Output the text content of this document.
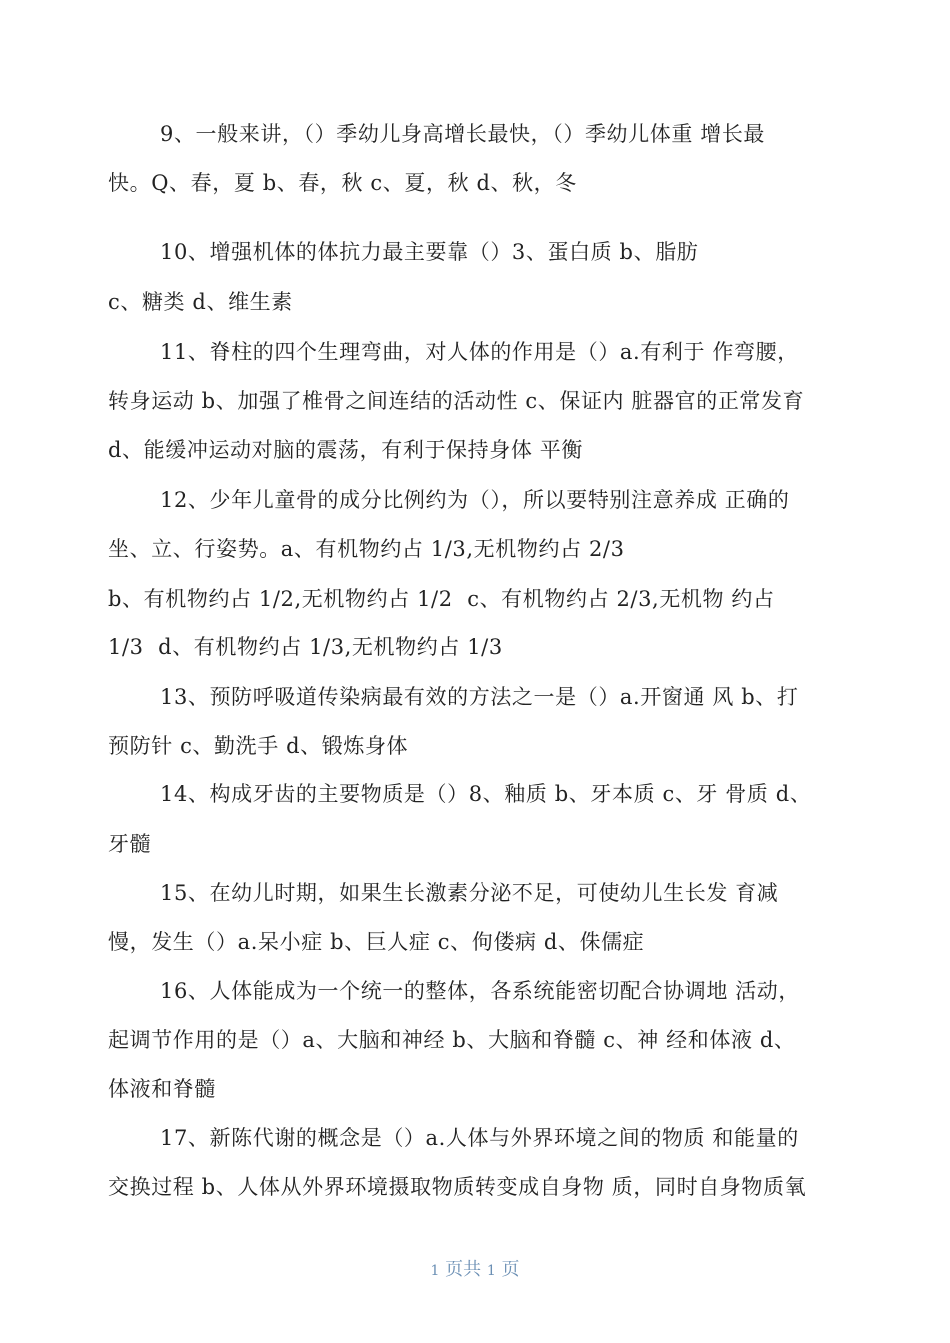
9、一般来讲，（）季幼儿身高增长最快，（）季幼儿体重 增长最
快。Q、春，夏 b、春，秋 c、夏，秋 d、秋，冬
10、增强机体的体抗力最主要靠（）3、蛋白质 b、脂肪
c、糖类 d、维生素
11、脊柱的四个生理弯曲，对人体的作用是（）a.有利于 作弯腰，
转身运动 b、加强了椎骨之间连结的活动性 c、保证内 脏器官的正常发育
d、能缓冲运动对脑的震荡，有利于保持身体 平衡
12、少年儿童骨的成分比例约为（），所以要特别注意养成 正确的
坐、立、行姿势。a、有机物约占 1/3,无机物约占 2/3
b、有机物约占 1/2,无机物约占 1/2  c、有机物约占 2/3,无机物 约占
1/3  d、有机物约占 1/3,无机物约占 1/3
13、预防呼吸道传染病最有效的方法之一是（）a.开窗通 风 b、打
预防针 c、勤洗手 d、锻炼身体
14、构成牙齿的主要物质是（）8、釉质 b、牙本质 c、牙 骨质 d、
牙髓
15、在幼儿时期，如果生长激素分泌不足，可使幼儿生长发 育减
慢，发生（）a.呆小症 b、巨人症 c、佝偻病 d、侏儒症
16、人体能成为一个统一的整体，各系统能密切配合协调地 活动，
起调节作用的是（）a、大脑和神经 b、大脑和脊髓 c、神 经和体液 d、
体液和脊髓
17、新陈代谢的概念是（）a.人体与外界环境之间的物质 和能量的
交换过程 b、人体从外界环境摄取物质转变成自身物 质，同时自身物质氧
1 页共 1 页
